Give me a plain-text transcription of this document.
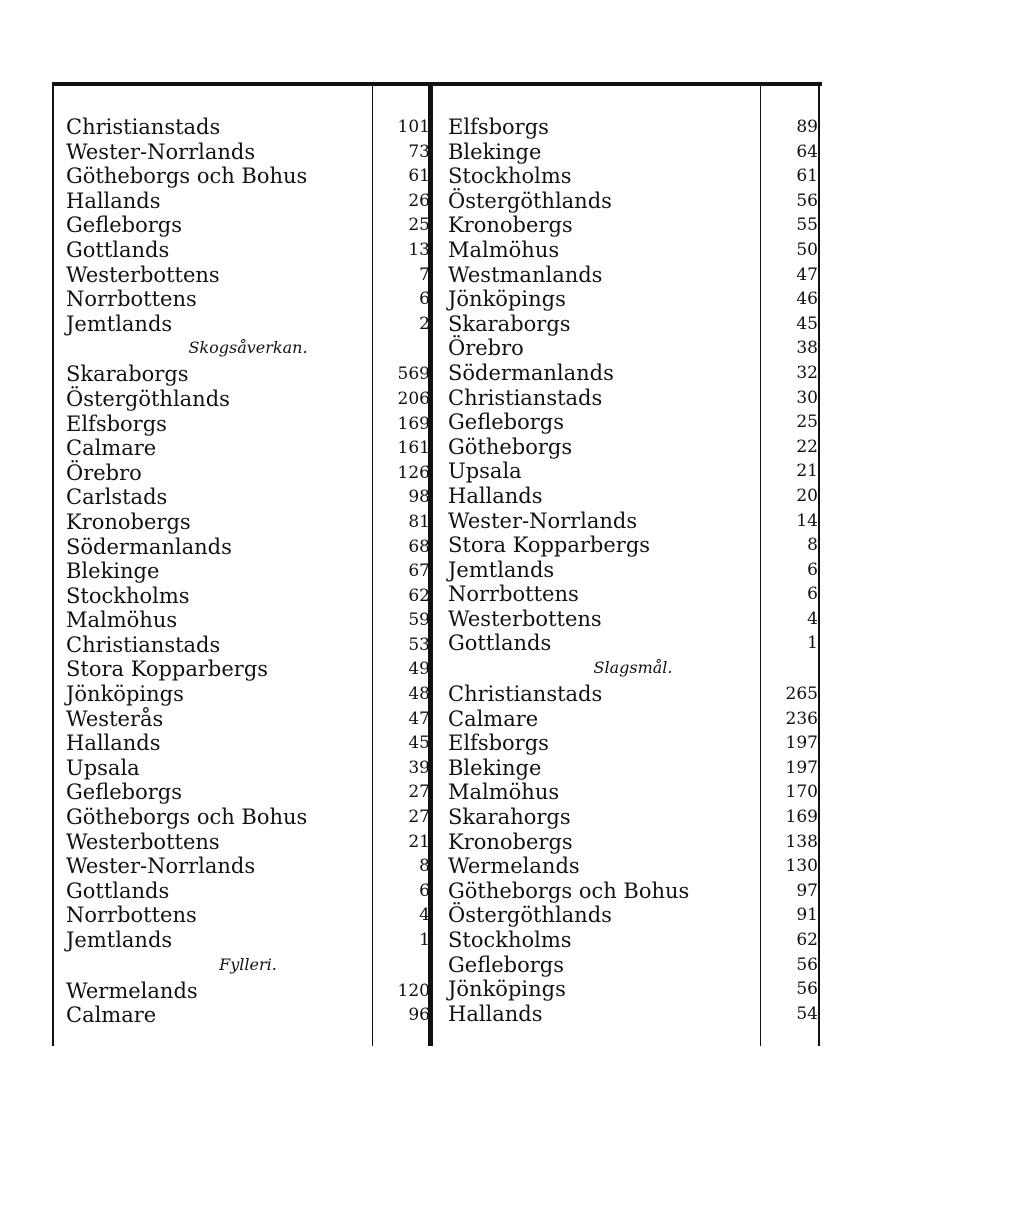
Christianstads	101
Wester-Norrlands	73
Götheborgs och Bohus	61
Hallands	26
Gefleborgs	25
Gottlands	13
Westerbottens	7
Norrbottens	6
Jemtlands	2
Skogsåverkan.
Skaraborgs	569
Östergöthlands	206
Elfsborgs	169
Calmare	161
Örebro	126
Carlstads	98
Kronobergs	81
Södermanlands	68
Blekinge	67
Stockholms	62
Malmöhus	59
Christianstads	53
Stora Kopparbergs	49
Jönköpings	48
Westerås	47
Hallands	45
Upsala	39
Gefleborgs	27
Götheborgs och Bohus	27
Westerbottens	21
Wester-Norrlands	8
Gottlands	6
Norrbottens	4
Jemtlands	1
Fylleri.
Wermelands	120
Calmare	96
Elfsborgs	89
Blekinge	64
Stockholms	61
Östergöthlands	56
Kronobergs	55
Malmöhus	50
Westmanlands	47
Jönköpings	46
Skaraborgs	45
Örebro	38
Södermanlands	32
Christianstads	30
Gefleborgs	25
Götheborgs	22
Upsala	21
Hallands	20
Wester-Norrlands	14
Stora Kopparbergs	8
Jemtlands	6
Norrbottens	6
Westerbottens	4
Gottlands	1
Slagsmål.
Christianstads	265
Calmare	236
Elfsborgs	197
Blekinge	197
Malmöhus	170
Skarahorgs	169
Kronobergs	138
Wermelands	130
Götheborgs och Bohus	97
Östergöthlands	91
Stockholms	62
Gefleborgs	56
Jönköpings	56
Hallands	54
